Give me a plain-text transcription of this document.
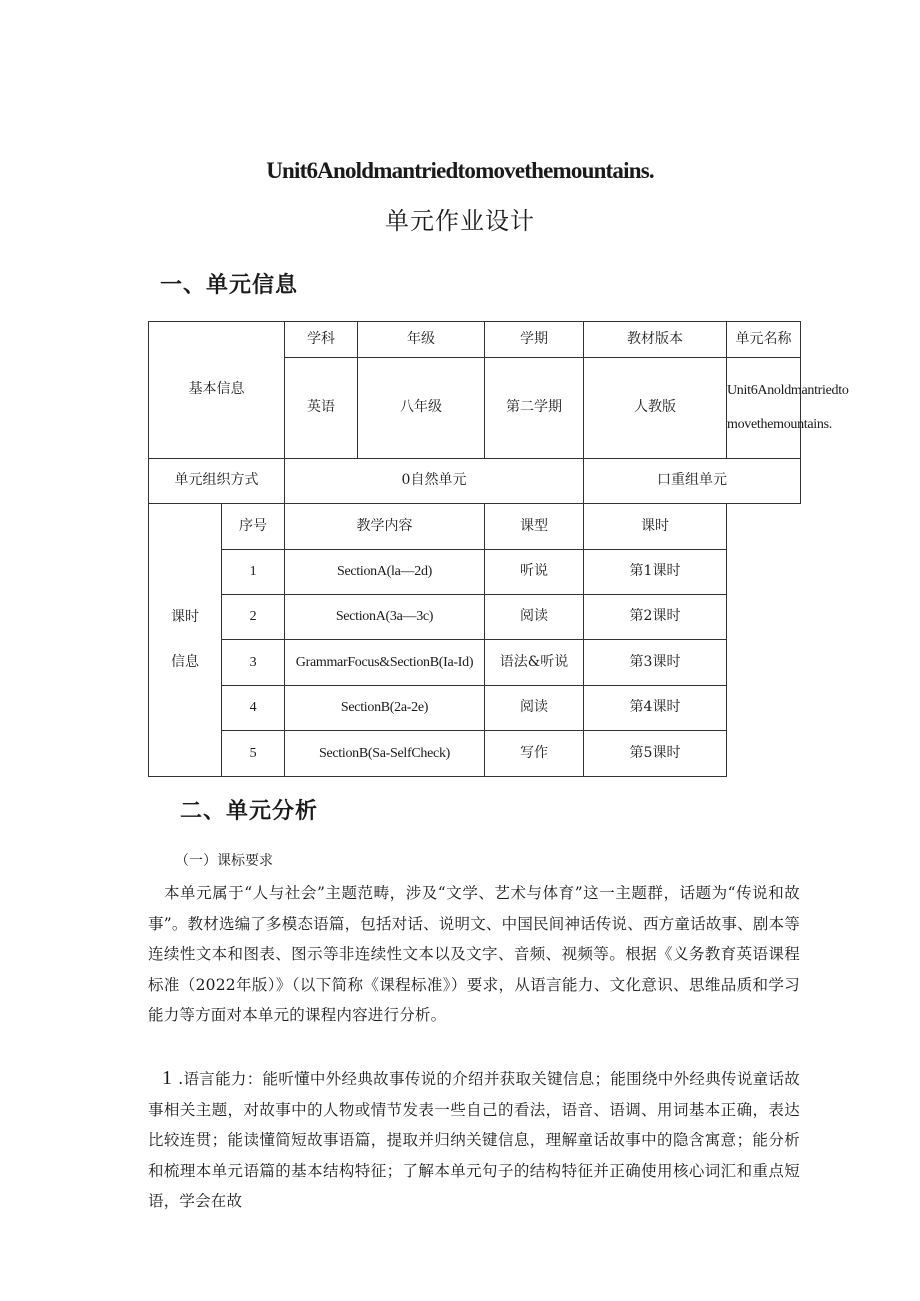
Unit6Anoldmantriedtomovethemountains.
单元作业设计
一、单元信息
基本信息		学科	年级	学期	教材版本	单元名称
		英语	八年级	第二学期	人教版	Unit6Anoldmantriedto
movethemountains.
单元组织方式		0自然单元			口重组单元	
课时
信息	序号	教学内容		课型	课时	
	1	SectionA(la—2d)		听说	第1课时	
	2	SectionA(3a—3c)		阅读	第2课时	
	3	GrammarFocus&SectionB(Ia-Id)		语法&听说	第3课时	
	4	SectionB(2a-2e)		阅读	第4课时	
	5	SectionB(Sa-SelfCheck)		写作	第5课时	
二、单元分析
（一）课标要求
本单元属于“人与社会”主题范畴，涉及“文学、艺术与体育”这一主题群，话题为“传说和故事”。教材选编了多模态语篇，包括对话、说明文、中国民间神话传说、西方童话故事、剧本等连续性文本和图表、图示等非连续性文本以及文字、音频、视频等。根据《义务教育英语课程标准（2022年版）》（以下简称《课程标准》）要求，从语言能力、文化意识、思维品质和学习能力等方面对本单元的课程内容进行分析。
1 .语言能力：能听懂中外经典故事传说的介绍并获取关键信息；能围绕中外经典传说童话故事相关主题，对故事中的人物或情节发表一些自己的看法，语音、语调、用词基本正确，表达比较连贯；能读懂简短故事语篇，提取并归纳关键信息，理解童话故事中的隐含寓意；能分析和梳理本单元语篇的基本结构特征；了解本单元句子的结构特征并正确使用核心词汇和重点短语，学会在故
